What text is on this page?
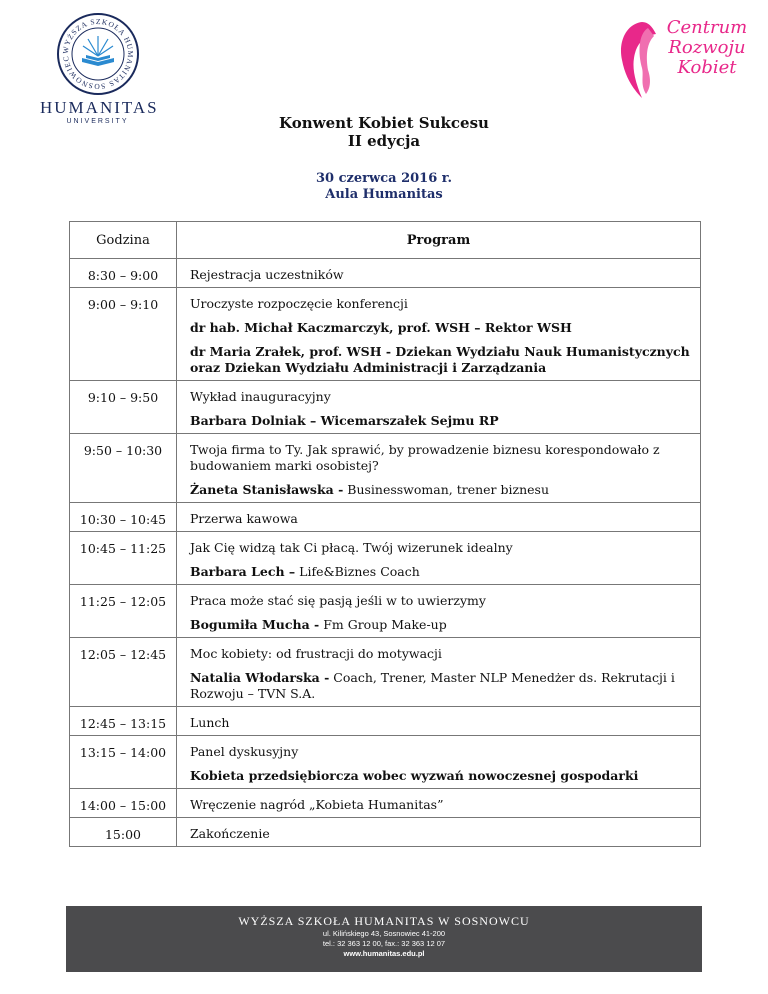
WYŻSZA SZKOŁA HUMANITAS SOSNOWIEC
HUMANITAS
UNIVERSITY
Centrum
Rozwoju
Kobiet
Konwent Kobiet Sukcesu
II edycja
30 czerwca 2016 r.
Aula Humanitas
Godzina	Program
8:30 – 9:00	Rejestracja uczestników

9:00 – 9:10	Uroczyste rozpoczęcie konferencji
dr hab. Michał Kaczmarczyk, prof. WSH – Rektor WSH
dr Maria Zrałek, prof. WSH - Dziekan Wydziału Nauk Humanistycznych oraz Dziekan Wydziału Administracji i Zarządzania

9:10 – 9:50	Wykład inauguracyjny
Barbara Dolniak – Wicemarszałek Sejmu RP

9:50 – 10:30	Twoja firma to Ty. Jak sprawić, by prowadzenie biznesu korespondowało z budowaniem marki osobistej?
Żaneta Stanisławska - Businesswoman, trener biznesu

10:30 – 10:45	Przerwa kawowa

10:45 – 11:25	Jak Cię widzą tak Ci płacą. Twój wizerunek idealny
Barbara Lech – Life&Biznes Coach

11:25 – 12:05	Praca może stać się pasją jeśli w to uwierzymy
Bogumiła Mucha - Fm Group Make-up

12:05 – 12:45	Moc kobiety: od frustracji do motywacji
Natalia Włodarska - Coach, Trener, Master NLP Menedżer ds. Rekrutacji i Rozwoju – TVN S.A.

12:45 – 13:15	Lunch

13:15 – 14:00	Panel dyskusyjny
Kobieta przedsiębiorcza wobec wyzwań nowoczesnej gospodarki

14:00 – 15:00	Wręczenie nagród „Kobieta Humanitas”

15:00	Zakończenie
WYŻSZA SZKOŁA HUMANITAS W SOSNOWCU
ul. Kilińskiego 43, Sosnowiec 41-200
tel.: 32 363 12 00, fax.: 32 363 12 07
www.humanitas.edu.pl
